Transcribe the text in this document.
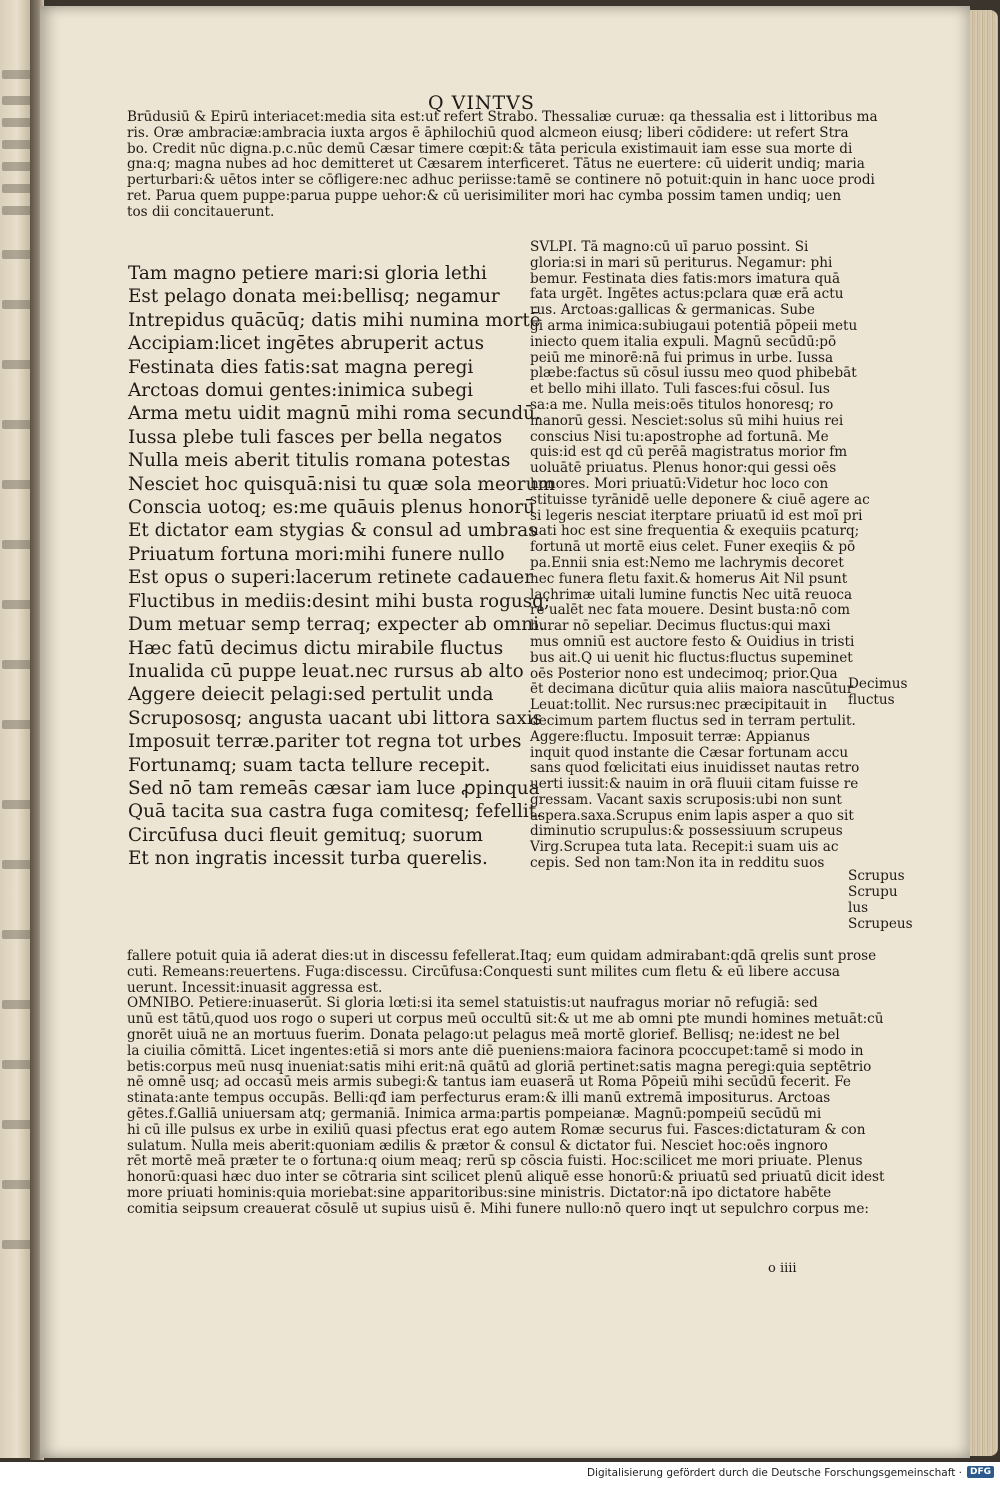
Q VINTVS
Brūdusiū & Epirū interiacet:media sita est:ut refert Strabo. Thessaliæ curuæ: qa thessalia est i littoribus ma
ris. Oræ ambraciæ:ambracia iuxta argos ē āphilochiū quod alcmeon eiusq; liberi cōdidere: ut refert Stra
bo. Credit nūc digna.p.c.nūc demū Cæsar timere cœpit:& tāta pericula existimauit iam esse sua morte di
gna:q; magna nubes ad hoc demitteret ut Cæsarem interficeret. Tātus ne euertere: cū uiderit undiq; maria
perturbari:& uētos inter se cōfligere:nec adhuc periisse:tamē se continere nō potuit:quin in hanc uoce prodi
ret. Parua quem puppe:parua puppe uehor:& cū uerisimiliter mori hac cymba possim tamen undiq; uen
tos dii concitauerunt.
Tam magno petiere mari:si gloria lethi
Est pelago donata mei:bellisq; negamur
Intrepidus quācūq; datis mihi numina mortē
Accipiam:licet ingētes abruperit actus
Festinata dies fatis:sat magna peregi
Arctoas domui gentes:inimica subegi
Arma metu uidit magnū mihi roma secundū.
Iussa plebe tuli fasces per bella negatos
Nulla meis aberit titulis romana potestas
Nesciet hoc quisquā:nisi tu quæ sola meorum
Conscia uotoq; es:me quāuis plenus honorū
Et dictator eam stygias & consul ad umbras
Priuatum fortuna mori:mihi funere nullo
Est opus o superi:lacerum retinete cadauer
Fluctibus in mediis:desint mihi busta rogusq;
Dum metuar semp terraq; expecter ab omni.
Hæc fatū decimus dictu mirabile fluctus
Inualida cū puppe leuat.nec rursus ab alto
Aggere deiecit pelagi:sed pertulit unda
Scrupososq; angusta uacant ubi littora saxis
Imposuit terræ.pariter tot regna tot urbes
Fortunamq; suam tacta tellure recepit.
Sed nō tam remeās cæsar iam luce ꝓpinqua
Quā tacita sua castra fuga comitesq; fefellit.
Circūfusa duci fleuit gemituq; suorum
Et non ingratis incessit turba querelis.
SVLPI. Tā magno:cū uī paruo possint. Si
gloria:si in mari sū periturus. Negamur: phi
bemur. Festinata dies fatis:mors imatura quā
fata urgēt. Ingētes actus:pclara quæ erā actu
rus. Arctoas:gallicas & germanicas. Sube
gi arma inimica:subiugaui potentiā pōpeii metu
iniecto quem italia expuli. Magnū secūdū:pō
peiū me minorē:nā fui primus in urbe. Iussa
plæbe:factus sū cōsul iussu meo quod phibebāt
et bello mihi illato. Tuli fasces:fui cōsul. Ius
sa:a me. Nulla meis:oēs titulos honoresq; ro
manorū gessi. Nesciet:solus sū mihi huius rei
conscius Nisi tu:apostrophe ad fortunā. Me
quis:id est qd cū perēā magistratus morior fm
uoluātē priuatus. Plenus honor:qui gessi oēs
honores. Mori priuatū:Videtur hoc loco con
stituisse tyrānidē uelle deponere & ciuē agere ac
si legeris nesciat iterptare priuatū id est moī pri
uati hoc est sine frequentia & exequiis pcaturq;
fortunā ut mortē eius celet. Funer exeqiis & pō
pa.Ennii snia est:Nemo me lachrymis decoret
nec funera fletu faxit.& homerus Ait Nil psunt
lachrimæ uitali lumine functis Nec uitā reuoca
re ualēt nec fata mouere. Desint busta:nō com
burar nō sepeliar. Decimus fluctus:qui maxi
mus omniū est auctore festo & Ouidius in tristi
bus ait.Q ui uenit hic fluctus:fluctus supeminet
oēs Posterior nono est undecimoq; prior.Qua
ēt decimana dicūtur quia aliis maiora nascūtur
Leuat:tollit. Nec rursus:nec præcipitauit in
decimum partem fluctus sed in terram pertulit.
Aggere:fluctu. Imposuit terræ: Appianus
inquit quod instante die Cæsar fortunam accu
sans quod fœlicitati eius inuidisset nautas retro
uerti iussit:& nauim in orā fluuii citam fuisse re
gressam. Vacant saxis scruposis:ubi non sunt
aspera.saxa.Scrupus enim lapis asper a quo sit
diminutio scrupulus:& possessiuum scrupeus
Virg.Scrupea tuta lata. Recepit:i suam uis ac
cepis. Sed non tam:Non ita in redditu suos
Decimus
fluctus
Scrupus
Scrupu
lus
Scrupeus
fallere potuit quia iā aderat dies:ut in discessu fefellerat.Itaq; eum quidam admirabant:qdā qrelis sunt prose
cuti. Remeans:reuertens. Fuga:discessu. Circūfusa:Conquesti sunt milites cum fletu & eū libere accusa
uerunt. Incessit:inuasit aggressa est.
OMNIBO. Petiere:inuaserūt. Si gloria lœti:si ita semel statuistis:ut naufragus moriar nō refugiā: sed
unū est tātū,quod uos rogo o superi ut corpus meū occultū sit:& ut me ab omni pte mundi homines metuāt:cū
gnorēt uiuā ne an mortuus fuerim. Donata pelago:ut pelagus meā mortē glorief. Bellisq; ne:idest ne bel
la ciuilia cōmittā. Licet ingentes:etiā si mors ante diē pueniens:maiora facinora pcoccupet:tamē si modo in
betis:corpus meū nusq inueniat:satis mihi erit:nā quātū ad gloriā pertinet:satis magna peregi:quia septētrio
nē omnē usq; ad occasū meis armis subegi:& tantus iam euaserā ut Roma Pōpeiū mihi secūdū fecerit. Fe
stinata:ante tempus occupās. Belli:qđ iam perfecturus eram:& illi manū extremā impositurus. Arctoas
gētes.f.Galliā uniuersam atq; germaniā. Inimica arma:partis pompeianæ. Magnū:pompeiū secūdū mi
hi cū ille pulsus ex urbe in exiliū quasi pfectus erat ego autem Romæ securus fui. Fasces:dictaturam & con
sulatum. Nulla meis aberit:quoniam ædilis & prætor & consul & dictator fui. Nesciet hoc:oēs ingnoro
rēt mortē meā præter te o fortuna:q oium meaq; rerū sp cōscia fuisti. Hoc:scilicet me mori priuate. Plenus
honorū:quasi hæc duo inter se cōtraria sint scilicet plenū aliquē esse honorū:& priuatū sed priuatū dicit idest
more priuati hominis:quia moriebat:sine apparitoribus:sine ministris. Dictator:nā ipo dictatore habēte
comitia seipsum creauerat cōsulē ut supius uisū ē. Mihi funere nullo:nō quero inqt ut sepulchro corpus me:
o iiii
Digitalisierung gefördert durch die Deutsche Forschungsgemeinschaft · DFG
